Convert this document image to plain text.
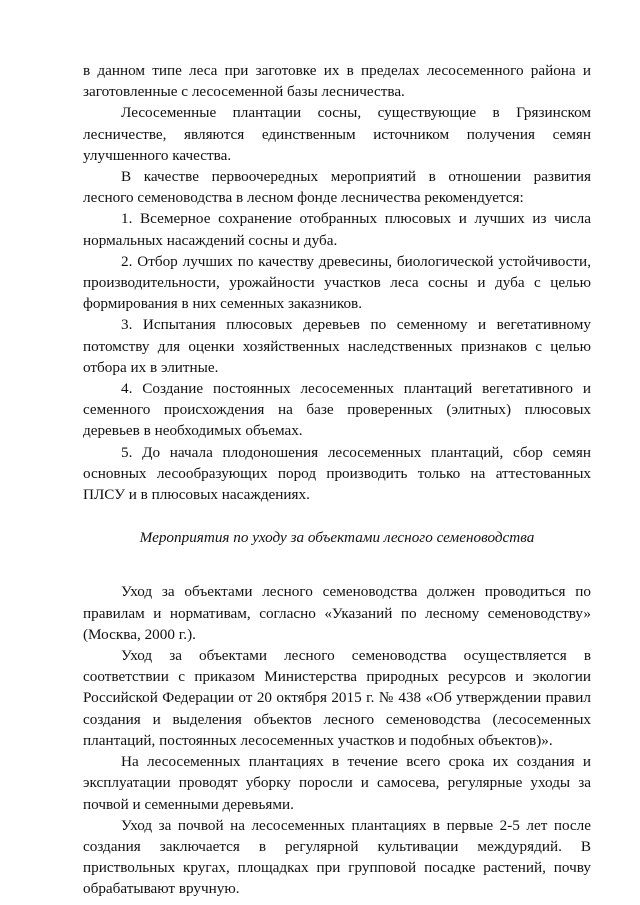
в данном типе леса при заготовке их в пределах лесосеменного района и заготовленные с лесосеменной базы лесничества.

Лесосеменные плантации сосны, существующие в Грязинском лесничестве, являются единственным источником получения семян улучшенного качества.

В качестве первоочередных мероприятий в отношении развития лесного семеноводства в лесном фонде лесничества рекомендуется:

1. Всемерное сохранение отобранных плюсовых и лучших из числа нормальных насаждений сосны и дуба.

2. Отбор лучших по качеству древесины, биологической устойчивости, производительности, урожайности участков леса сосны и дуба с целью формирования в них семенных заказников.

3. Испытания плюсовых деревьев по семенному и вегетативному потомству для оценки хозяйственных наследственных признаков с целью отбора их в элитные.

4. Создание постоянных лесосеменных плантаций вегетативного и семенного происхождения на базе проверенных (элитных) плюсовых деревьев в необходимых объемах.

5. До начала плодоношения лесосеменных плантаций, сбор семян основных лесообразующих пород производить только на аттестованных ПЛСУ и в плюсовых насаждениях.

Мероприятия по уходу за объектами лесного семеноводства

Уход за объектами лесного семеноводства должен проводиться по правилам и нормативам, согласно «Указаний по лесному семеноводству» (Москва, 2000 г.).

Уход за объектами лесного семеноводства осуществляется в соответствии с приказом Министерства природных ресурсов и экологии Российской Федерации от 20 октября 2015 г. № 438 «Об утверждении правил создания и выделения объектов лесного семеноводства (лесосеменных плантаций, постоянных лесосеменных участков и подобных объектов)».

На лесосеменных плантациях в течение всего срока их создания и эксплуатации проводят уборку поросли и самосева, регулярные уходы за почвой и семенными деревьями.

Уход за почвой на лесосеменных плантациях в первые 2-5 лет после создания заключается в регулярной культивации междурядий. В приствольных кругах, площадках при групповой посадке растений, почву обрабатывают вручную.
